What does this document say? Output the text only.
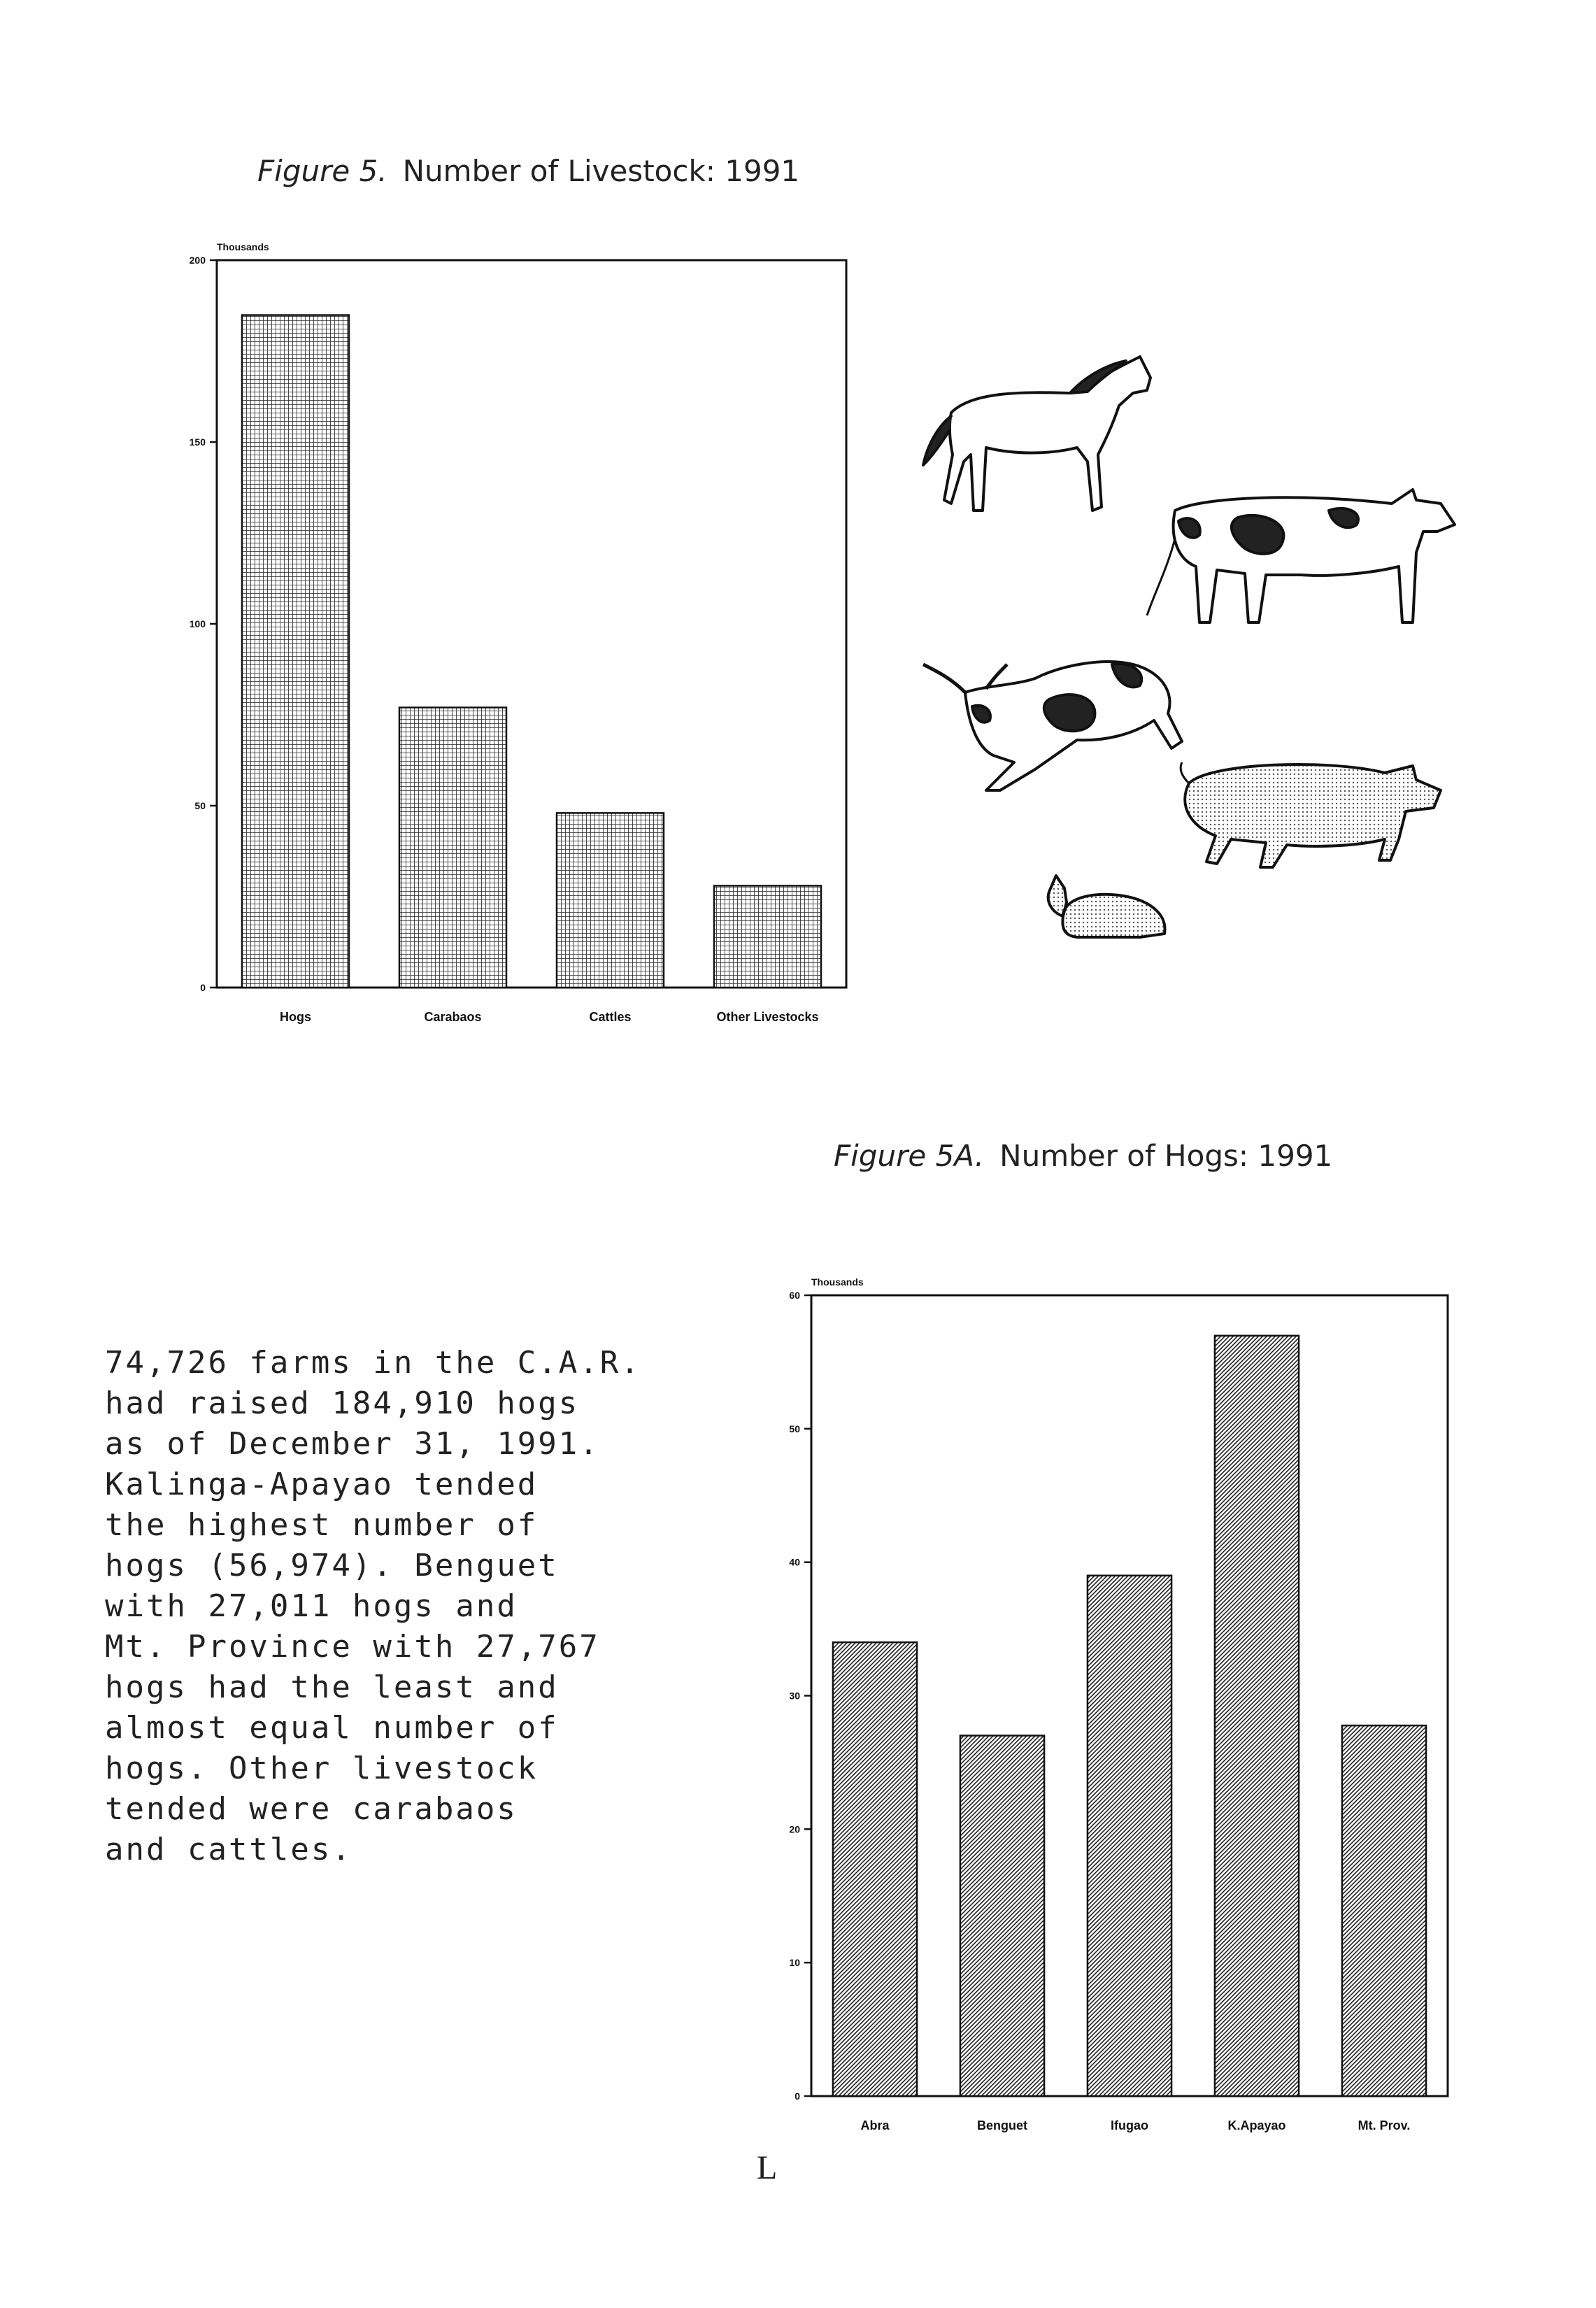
Figure 5. Number of Livestock: 1991
Thousands
0
50
100
150
200
Hogs	Carabaos	Cattles	Other Livestocks
Figure 5A. Number of Hogs: 1991
74,726 farms in the C.A.R.
had raised 184,910 hogs
as of December 31, 1991.
Kalinga-Apayao tended
the highest number of
hogs (56,974). Benguet
with 27,011 hogs and
Mt. Province with 27,767
hogs had the least and
almost equal number of
hogs. Other livestock
tended were carabaos
and cattles.
Thousands
0
10
20
30
40
50
60
Abra	Benguet	Ifugao	K.Apayao	Mt. Prov.
L
